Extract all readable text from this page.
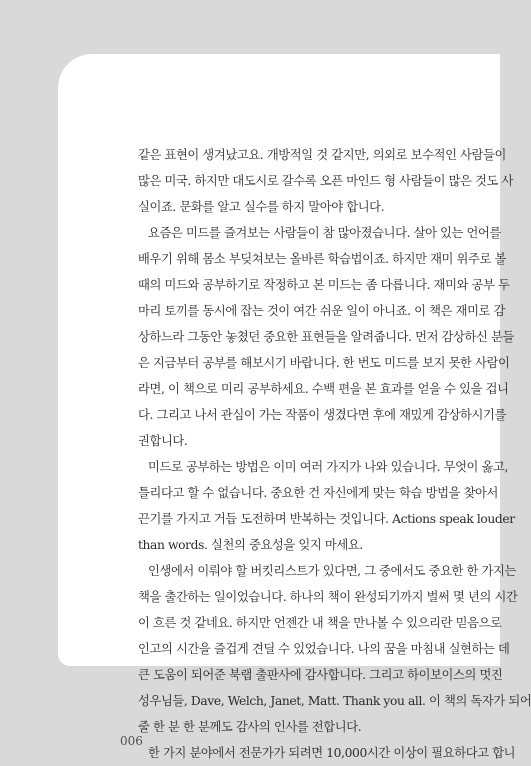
같은 표현이 생겨났고요. 개방적일 것 같지만, 의외로 보수적인 사람들이
많은 미국. 하지만 대도시로 갈수록 오픈 마인드 형 사람들이 많은 것도 사
실이죠. 문화를 알고 실수를 하지 말아야 합니다.
요즘은 미드를 즐겨보는 사람들이 참 많아졌습니다. 살아 있는 언어를
배우기 위해 몸소 부딪쳐보는 올바른 학습법이죠. 하지만 재미 위주로 볼
때의 미드와 공부하기로 작정하고 본 미드는 좀 다릅니다. 재미와 공부 두
마리 토끼를 동시에 잡는 것이 여간 쉬운 일이 아니죠. 이 책은 재미로 감
상하느라 그동안 놓쳤던 중요한 표현들을 알려줍니다. 먼저 감상하신 분들
은 지금부터 공부를 해보시기 바랍니다. 한 번도 미드를 보지 못한 사람이
라면, 이 책으로 미리 공부하세요. 수백 편을 본 효과를 얻을 수 있을 겁니
다. 그리고 나서 관심이 가는 작품이 생겼다면 후에 재밌게 감상하시기를
권합니다.
미드로 공부하는 방법은 이미 여러 가지가 나와 있습니다. 무엇이 옳고,
틀리다고 할 수 없습니다. 중요한 건 자신에게 맞는 학습 방법을 찾아서
끈기를 가지고 거듭 도전하며 반복하는 것입니다. Actions speak louder
than words. 실천의 중요성을 잊지 마세요.
인생에서 이뤄야 할 버킷리스트가 있다면, 그 중에서도 중요한 한 가지는
책을 출간하는 일이었습니다. 하나의 책이 완성되기까지 벌써 몇 년의 시간
이 흐른 것 같네요. 하지만 언젠간 내 책을 만나볼 수 있으리란 믿음으로
인고의 시간을 즐겁게 견딜 수 있었습니다. 나의 꿈을 마침내 실현하는 데
큰 도움이 되어준 북랩 출판사에 감사합니다. 그리고 하이보이스의 멋진
성우님들, Dave, Welch, Janet, Matt. Thank you all. 이 책의 독자가 되어
줄 한 분 한 분께도 감사의 인사를 전합니다.
한 가지 분야에서 전문가가 되려면 10,000시간 이상이 필요하다고 합니
006
